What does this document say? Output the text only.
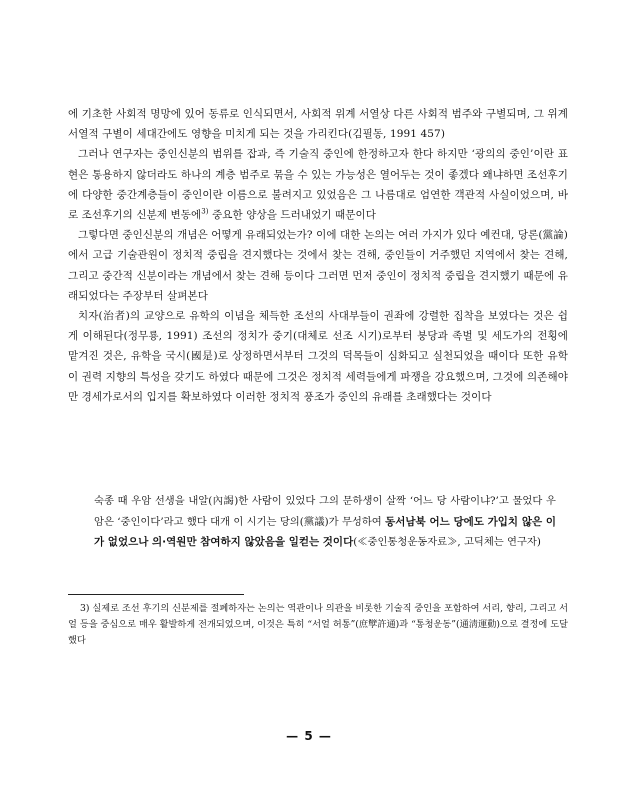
에 기초한 사회적 명망에 있어 동류로 인식되면서, 사회적 위계 서열상 다른 사회적 범주와 구별되며, 그 위계 서열적 구별이 세대간에도 영향을 미치게 되는 것을 가리킨다(김필동, 1991 457)

그러나 연구자는 중인신분의 범위를 잡과, 즉 기술직 중인에 한정하고자 한다 하지만 ‘광의의 중인’이란 표현은 통용하지 않더라도 하나의 계층 범주로 묶을 수 있는 가능성은 열어두는 것이 좋겠다 왜냐하면 조선후기에 다양한 중간계층들이 중인이란 이름으로 불려지고 있었음은 그 나름대로 엄연한 객관적 사실이었으며, 바로 조선후기의 신분제 변동에$^{3)}$ 중요한 양상을 드러내었기 때문이다

그렇다면 중인신분의 개념은 어떻게 유래되었는가? 이에 대한 논의는 여러 가지가 있다 예컨대, 당론(黨論)에서 고급 기술관원이 정치적 중립을 견지했다는 것에서 찾는 견해, 중인들이 거주했던 지역에서 찾는 견해, 그리고 중간적 신분이라는 개념에서 찾는 견해 등이다 그러면 먼저 중인이 정치적 중립을 견지했기 때문에 유래되었다는 주장부터 살펴본다

치자(治者)의 교양으로 유학의 이념을 체득한 조선의 사대부들이 권좌에 강렬한 집착을 보였다는 것은 쉽게 이해된다(정무룡, 1991) 조선의 정치가 중기(대체로 선조 시기)로부터 붕당과 족벌 및 세도가의 전횡에 맡겨진 것은, 유학을 국시(國是)로 상정하면서부터 그것의 덕목들이 심화되고 실천되었을 때이다 또한 유학이 권력 지향의 특성을 갖기도 하였다 때문에 그것은 정치적 세력들에게 파쟁을 강요했으며, 그것에 의존해야만 경세가로서의 입지를 확보하였다 이러한 정치적 풍조가 중인의 유래를 초래했다는 것이다

숙종 때 우암 선생을 내알(內謁)한 사람이 있었다 그의 문하생이 살짝 ‘어느 당 사람이냐?’고 물었다 우암은 ‘중인이다’라고 했다 대개 이 시기는 당의(黨議)가 무성하여 동서남북 어느 당에도 가입치 않은 이가 없었으나 의·역원만 참여하지 않았음을 일컫는 것이다(≪중인통청운동자료≫, 고딕체는 연구자)

3) 실제로 조선 후기의 신분제를 절폐하자는 논의는 역관이나 의관을 비롯한 기술직 중인을 포함하여 서리, 향리, 그리고 서얼 등을 중심으로 매우 활발하게 전개되었으며, 이것은 특히 “서얼 허통”(庶孼許通)과 “통청운동”(通淸運動)으로 결정에 도달했다

— 5 —
